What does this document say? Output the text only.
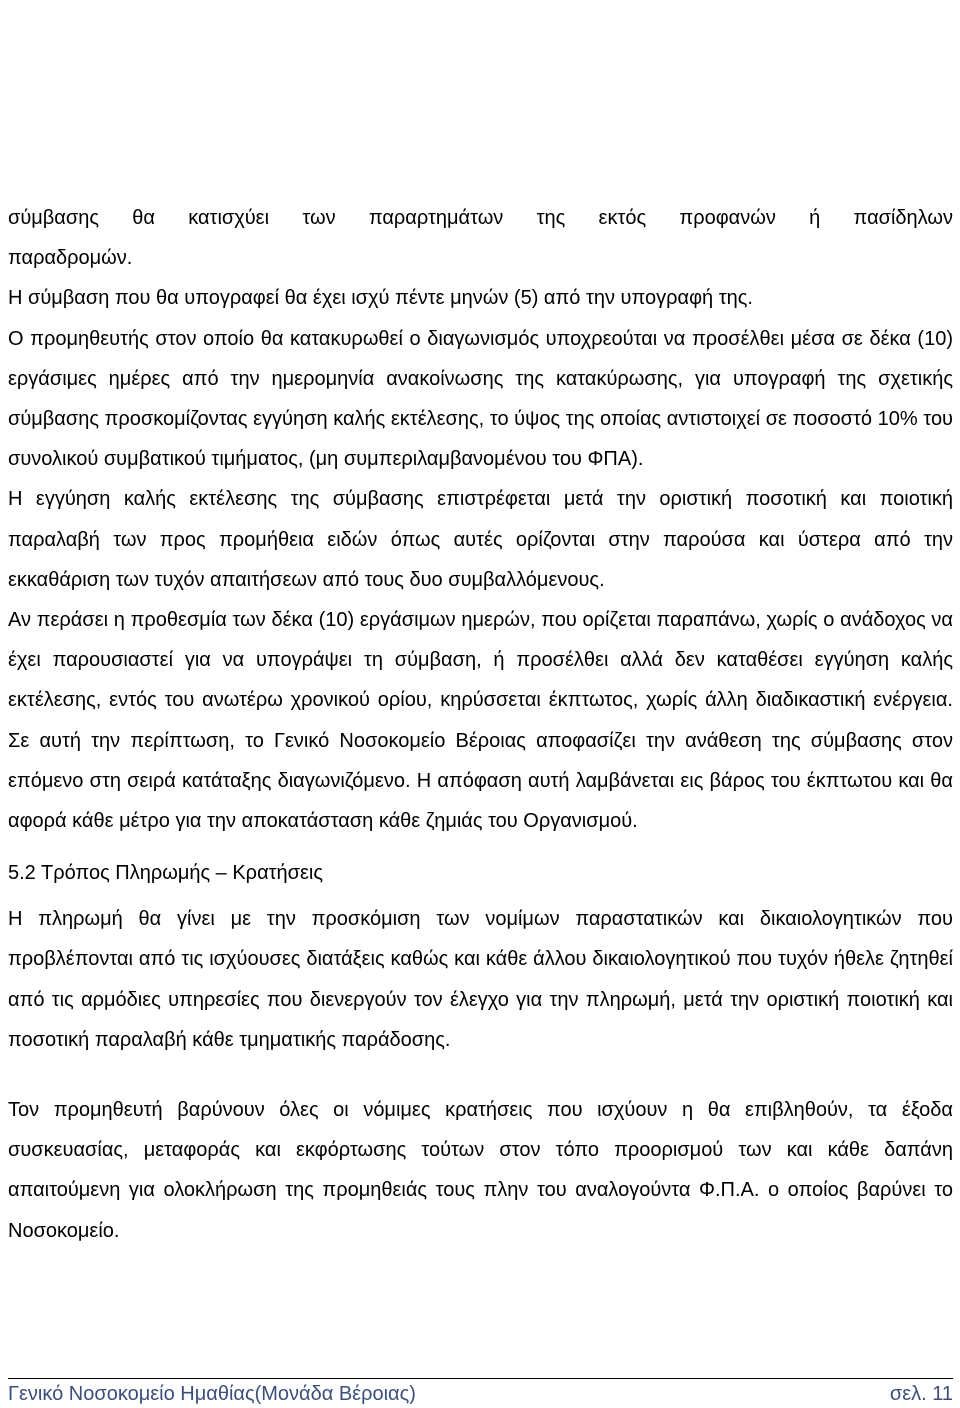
σύμβασης θα κατισχύει των παραρτημάτων της εκτός προφανών ή πασίδηλων

παραδρομών.

Η σύμβαση που θα υπογραφεί θα έχει ισχύ πέντε μηνών (5) από την υπογραφή της.

Ο προμηθευτής στον οποίο θα κατακυρωθεί ο διαγωνισμός υποχρεούται να προσέλθει μέσα σε δέκα (10) εργάσιμες ημέρες από την ημερομηνία ανακοίνωσης της κατακύρωσης, για υπογραφή της σχετικής σύμβασης προσκομίζοντας εγγύηση καλής εκτέλεσης, το ύψος της οποίας αντιστοιχεί σε ποσοστό 10% του συνολικού συμβατικού τιμήματος, (μη συμπεριλαμβανομένου του ΦΠΑ).

Η εγγύηση καλής εκτέλεσης της σύμβασης επιστρέφεται μετά την οριστική ποσοτική και ποιοτική παραλαβή των προς προμήθεια ειδών όπως αυτές ορίζονται στην παρούσα και ύστερα από την εκκαθάριση των τυχόν απαιτήσεων από τους δυο συμβαλλόμενους.

Αν περάσει η προθεσμία των δέκα (10) εργάσιμων ημερών, που ορίζεται παραπάνω, χωρίς ο ανάδοχος να έχει παρουσιαστεί για να υπογράψει τη σύμβαση, ή προσέλθει αλλά δεν καταθέσει εγγύηση καλής εκτέλεσης, εντός του ανωτέρω χρονικού ορίου, κηρύσσεται έκπτωτος, χωρίς άλλη διαδικαστική ενέργεια. Σε αυτή την περίπτωση, το Γενικό Νοσοκομείο Βέροιας αποφασίζει την ανάθεση της σύμβασης στον επόμενο στη σειρά κατάταξης διαγωνιζόμενο. Η απόφαση αυτή λαμβάνεται εις βάρος του έκπτωτου και θα αφορά κάθε μέτρο για την αποκατάσταση κάθε ζημιάς του Οργανισμού.

5.2 Τρόπος Πληρωμής – Κρατήσεις

Η πληρωμή θα γίνει με την προσκόμιση των νομίμων παραστατικών και δικαιολογητικών που προβλέπονται από τις ισχύουσες διατάξεις καθώς και κάθε άλλου δικαιολογητικού που τυχόν ήθελε ζητηθεί από τις αρμόδιες υπηρεσίες που διενεργούν τον έλεγχο για την πληρωμή, μετά την οριστική ποιοτική και ποσοτική παραλαβή κάθε τμηματικής παράδοσης.

Τον προμηθευτή βαρύνουν όλες οι νόμιμες κρατήσεις που ισχύουν η θα επιβληθούν, τα έξοδα συσκευασίας, μεταφοράς και εκφόρτωσης τούτων στον τόπο προορισμού των και κάθε δαπάνη απαιτούμενη για ολοκλήρωση της προμηθειάς τους πλην του αναλογούντα Φ.Π.Α. ο οποίος βαρύνει το Νοσοκομείο.

Γενικό Νοσοκομείο Ημαθίας(Μονάδα Βέροιας)	σελ. 11
